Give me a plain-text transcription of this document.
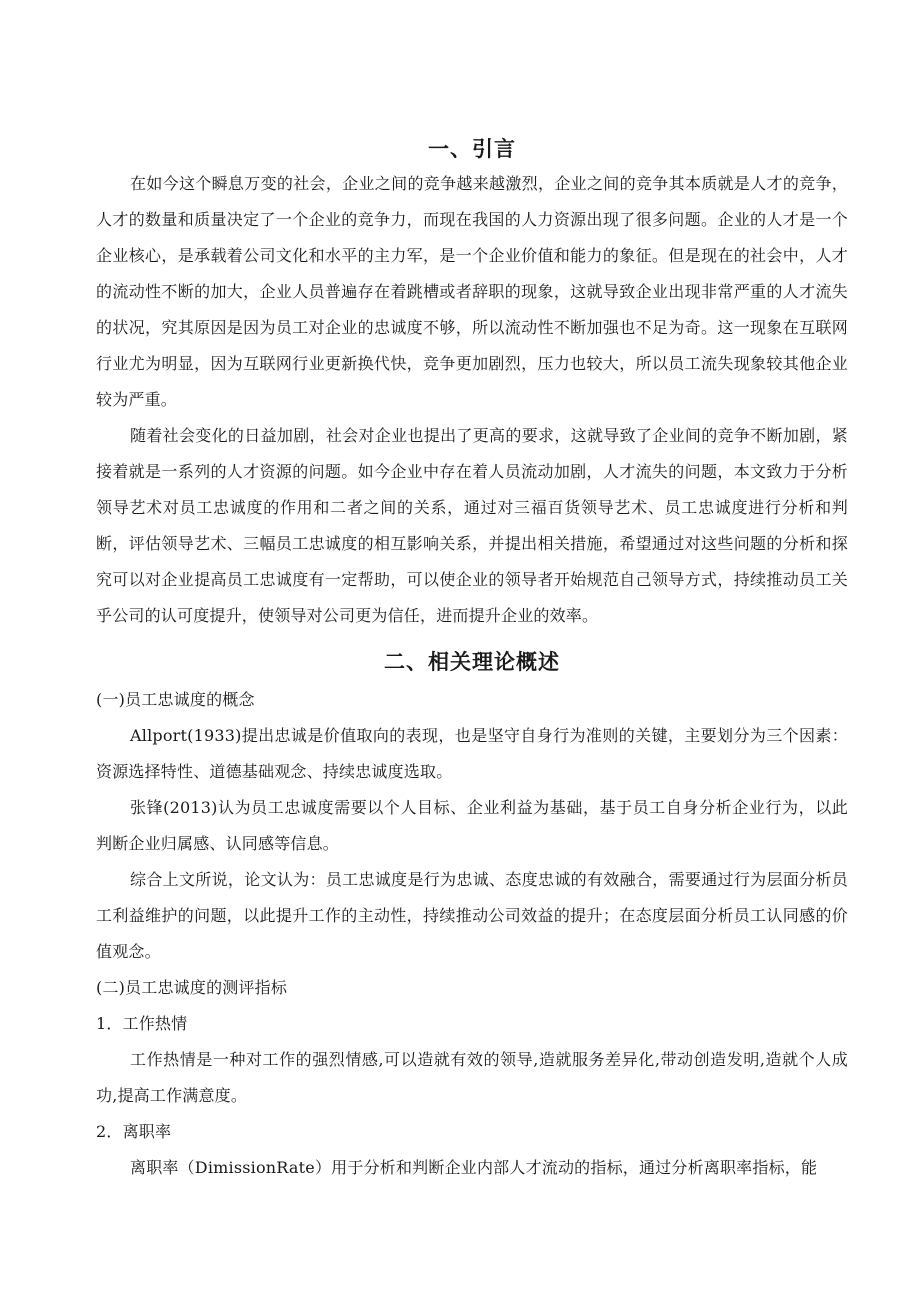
一、引言

在如今这个瞬息万变的社会，企业之间的竞争越来越激烈，企业之间的竞争其本质就是人才的竞争，人才的数量和质量决定了一个企业的竞争力，而现在我国的人力资源出现了很多问题。企业的人才是一个企业核心，是承载着公司文化和水平的主力军，是一个企业价值和能力的象征。但是现在的社会中，人才的流动性不断的加大，企业人员普遍存在着跳槽或者辞职的现象，这就导致企业出现非常严重的人才流失的状况，究其原因是因为员工对企业的忠诚度不够，所以流动性不断加强也不足为奇。这一现象在互联网行业尤为明显，因为互联网行业更新换代快，竞争更加剧烈，压力也较大，所以员工流失现象较其他企业较为严重。

随着社会变化的日益加剧，社会对企业也提出了更高的要求，这就导致了企业间的竞争不断加剧，紧接着就是一系列的人才资源的问题。如今企业中存在着人员流动加剧，人才流失的问题，本文致力于分析领导艺术对员工忠诚度的作用和二者之间的关系，通过对三福百货领导艺术、员工忠诚度进行分析和判断，评估领导艺术、三幅员工忠诚度的相互影响关系，并提出相关措施，希望通过对这些问题的分析和探究可以对企业提高员工忠诚度有一定帮助，可以使企业的领导者开始规范自己领导方式，持续推动员工关乎公司的认可度提升，使领导对公司更为信任，进而提升企业的效率。

二、相关理论概述
(一)员工忠诚度的概念

Allport(1933)提出忠诚是价值取向的表现，也是坚守自身行为准则的关键，主要划分为三个因素：资源选择特性、道德基础观念、持续忠诚度选取。

张锋(2013)认为员工忠诚度需要以个人目标、企业利益为基础，基于员工自身分析企业行为，以此判断企业归属感、认同感等信息。

综合上文所说，论文认为：员工忠诚度是行为忠诚、态度忠诚的有效融合，需要通过行为层面分析员工利益维护的问题，以此提升工作的主动性，持续推动公司效益的提升；在态度层面分析员工认同感的价值观念。

(二)员工忠诚度的测评指标
1．工作热情

工作热情是一种对工作的强烈情感,可以造就有效的领导,造就服务差异化,带动创造发明,造就个人成功,提高工作满意度。

2．离职率

离职率（DimissionRate）用于分析和判断企业内部人才流动的指标，通过分析离职率指标，能
